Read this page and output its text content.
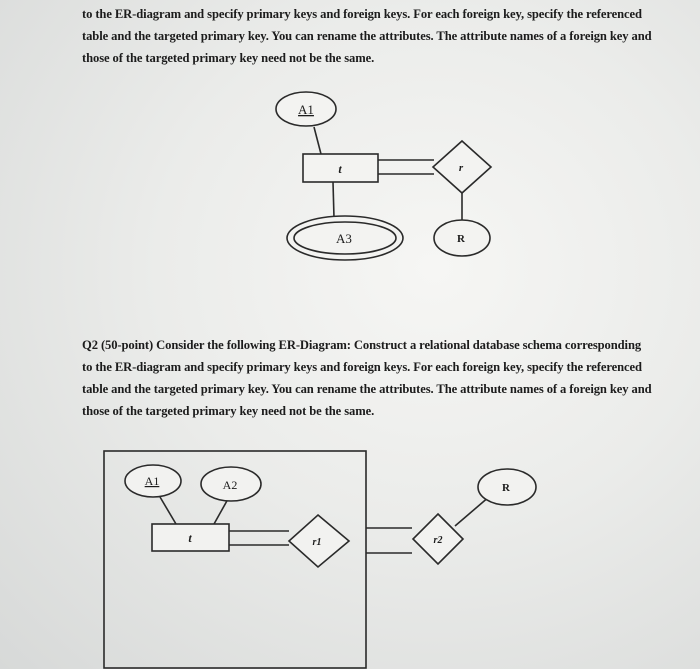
to the ER-diagram and specify primary keys and foreign keys. For each foreign key, specify the referenced
table and the targeted primary key. You can rename the attributes. The attribute names of a foreign key and
those of the targeted primary key need not be the same.
Q2 (50-point) Consider the following ER-Diagram: Construct a relational database schema corresponding
to the ER-diagram and specify primary keys and foreign keys. For each foreign key, specify the referenced
table and the targeted primary key. You can rename the attributes. The attribute names of a foreign key and
those of the targeted primary key need not be the same.
A1
t	r
A3	R
A1	A2
t	r1	r2
R
